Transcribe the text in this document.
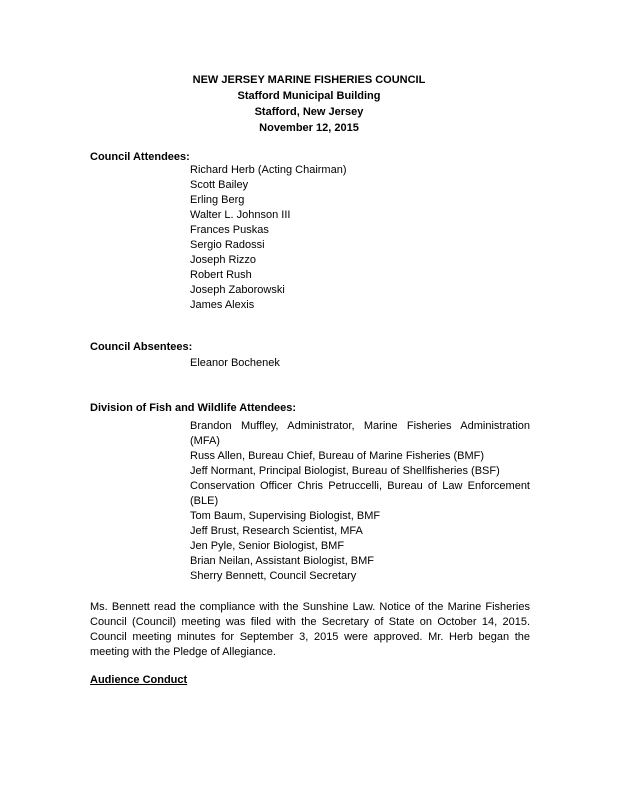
NEW JERSEY MARINE FISHERIES COUNCIL
Stafford Municipal Building
Stafford, New Jersey
November 12, 2015
Council Attendees:
Richard Herb (Acting Chairman)
Scott Bailey
Erling Berg
Walter L. Johnson III
Frances Puskas
Sergio Radossi
Joseph Rizzo
Robert Rush
Joseph Zaborowski
James Alexis
Council Absentees:
Eleanor Bochenek
Division of Fish and Wildlife Attendees:
Brandon Muffley, Administrator, Marine Fisheries Administration
(MFA)
Russ Allen, Bureau Chief, Bureau of Marine Fisheries (BMF)
Jeff Normant, Principal Biologist, Bureau of Shellfisheries (BSF)
Conservation Officer Chris Petruccelli, Bureau of Law Enforcement
(BLE)
Tom Baum, Supervising Biologist, BMF
Jeff Brust, Research Scientist, MFA
Jen Pyle, Senior Biologist, BMF
Brian Neilan, Assistant Biologist, BMF
Sherry Bennett, Council Secretary
Ms. Bennett read the compliance with the Sunshine Law. Notice of the Marine Fisheries
Council (Council) meeting was filed with the Secretary of State on October 14, 2015.
Council meeting minutes for September 3, 2015 were approved. Mr. Herb began the
meeting with the Pledge of Allegiance.
Audience Conduct
